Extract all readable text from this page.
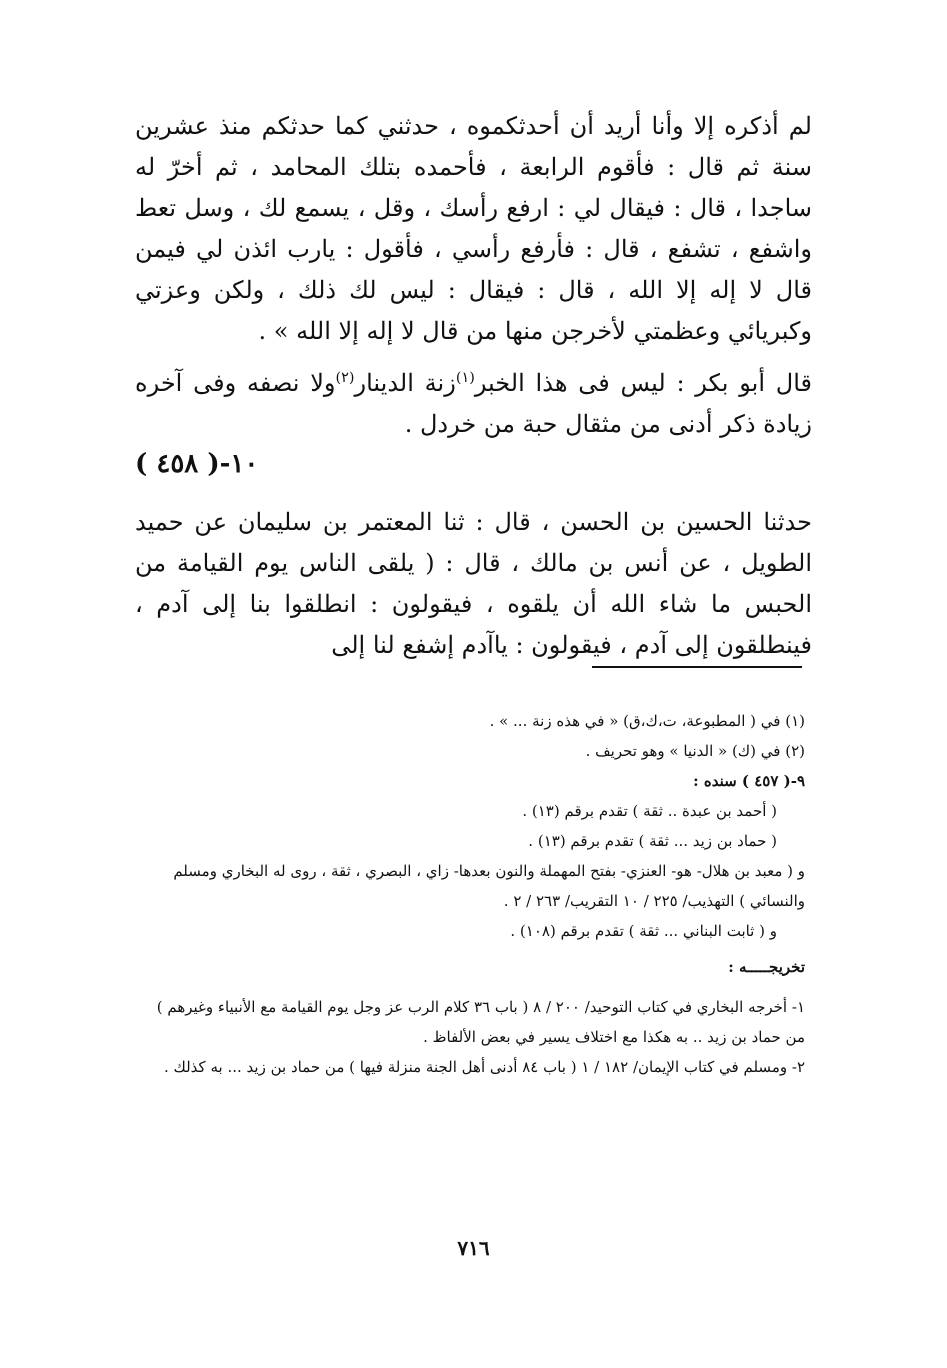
لم أذكره إلا وأنا أريد أن أحدثكموه ، حدثني كما حدثكم منذ عشرين سنة ثم قال : فأقوم الرابعة ، فأحمده بتلك المحامد ، ثم أخرّ له ساجدا ، قال : فيقال لي : ارفع رأسك ، وقل ، يسمع لك ، وسل تعط واشفع ، تشفع ، قال : فأرفع رأسي ، فأقول : يارب ائذن لي فيمن قال لا إله إلا الله ، قال : فيقال : ليس لك ذلك ، ولكن وعزتي وكبريائي وعظمتي لأخرجن منها من قال لا إله إلا الله » .

قال أبو بكر : ليس فى هذا الخبر$^{(١)}$زنة الدينار$^{(٢)}$ولا نصفه وفى آخره زيادة ذكر أدنى من مثقال حبة من خردل .

١٠-( ٤٥٨ )

حدثنا الحسين بن الحسن ، قال : ثنا المعتمر بن سليمان عن حميد الطويل ، عن أنس بن مالك ، قال : ( يلقى الناس يوم القيامة من الحبس ما شاء الله أن يلقوه ، فيقولون : انطلقوا بنا إلى آدم ، فينطلقون إلى آدم ، فيقولون : ياآدم إشفع لنا إلى

(١) في ( المطبوعة، ت،ك،ق) « في هذه زنة ... » .

(٢) في (ك) « الدنيا » وهو تحريف .

٩-( ٤٥٧ ) سنده :

( أحمد بن عبدة .. ثقة ) تقدم برقم (١٣) .

( حماد بن زيد ... ثقة ) تقدم برقم (١٣) .

و ( معبد بن هلال- هو- العنزي- بفتح المهملة والنون بعدها- زاي ، البصري ، ثقة ، روى له البخاري ومسلم والنسائي ) التهذيب/ ٢٢٥ / ١٠ التقريب/ ٢٦٣ / ٢ .

و ( ثابت البناني ... ثقة ) تقدم برقم (١٠٨) .

تخريجـــــه :

١- أخرجه البخاري في كتاب التوحيد/ ٢٠٠ / ٨ ( باب ٣٦ كلام الرب عز وجل يوم القيامة مع الأنبياء وغيرهم ) من حماد بن زيد .. به هكذا مع اختلاف يسير في بعض الألفاظ .

٢- ومسلم في كتاب الإيمان/ ١٨٢ / ١ ( باب ٨٤ أدنى أهل الجنة منزلة فيها ) من حماد بن زيد ... به كذلك .

٧١٦
